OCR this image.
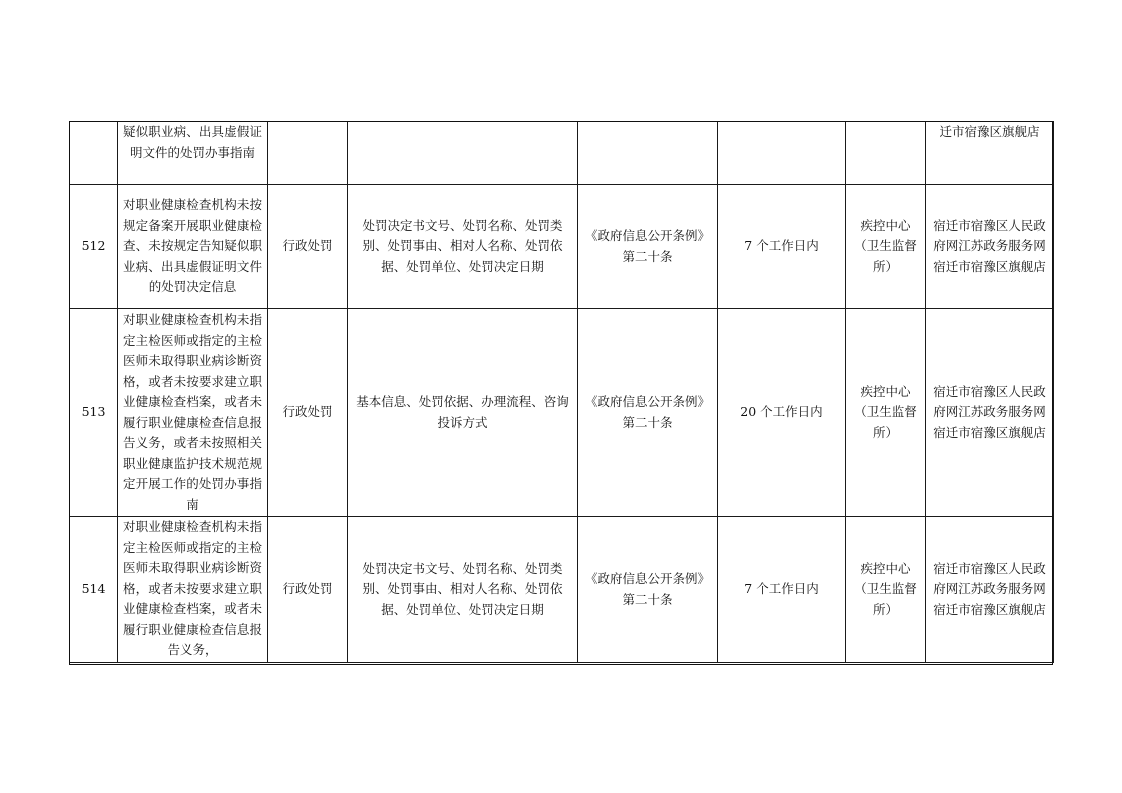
	疑似职业病、出具虚假证明文件的处罚办事指南						迁市宿豫区旗舰店
512	对职业健康检查机构未按规定备案开展职业健康检查、未按规定告知疑似职业病、出具虚假证明文件的处罚决定信息	行政处罚	处罚决定书文号、处罚名称、处罚类别、处罚事由、相对人名称、处罚依据、处罚单位、处罚决定日期	《政府信息公开条例》第二十条	7 个工作日内	疾控中心（卫生监督所）	宿迁市宿豫区人民政府网江苏政务服务网宿迁市宿豫区旗舰店
513	对职业健康检查机构未指定主检医师或指定的主检医师未取得职业病诊断资格，或者未按要求建立职业健康检查档案，或者未履行职业健康检查信息报告义务，或者未按照相关职业健康监护技术规范规定开展工作的处罚办事指南	行政处罚	基本信息、处罚依据、办理流程、咨询投诉方式	《政府信息公开条例》第二十条	20 个工作日内	疾控中心（卫生监督所）	宿迁市宿豫区人民政府网江苏政务服务网宿迁市宿豫区旗舰店
514	对职业健康检查机构未指定主检医师或指定的主检医师未取得职业病诊断资格，或者未按要求建立职业健康检查档案，或者未履行职业健康检查信息报告义务，	行政处罚	处罚决定书文号、处罚名称、处罚类别、处罚事由、相对人名称、处罚依据、处罚单位、处罚决定日期	《政府信息公开条例》第二十条	7 个工作日内	疾控中心（卫生监督所）	宿迁市宿豫区人民政府网江苏政务服务网宿迁市宿豫区旗舰店
